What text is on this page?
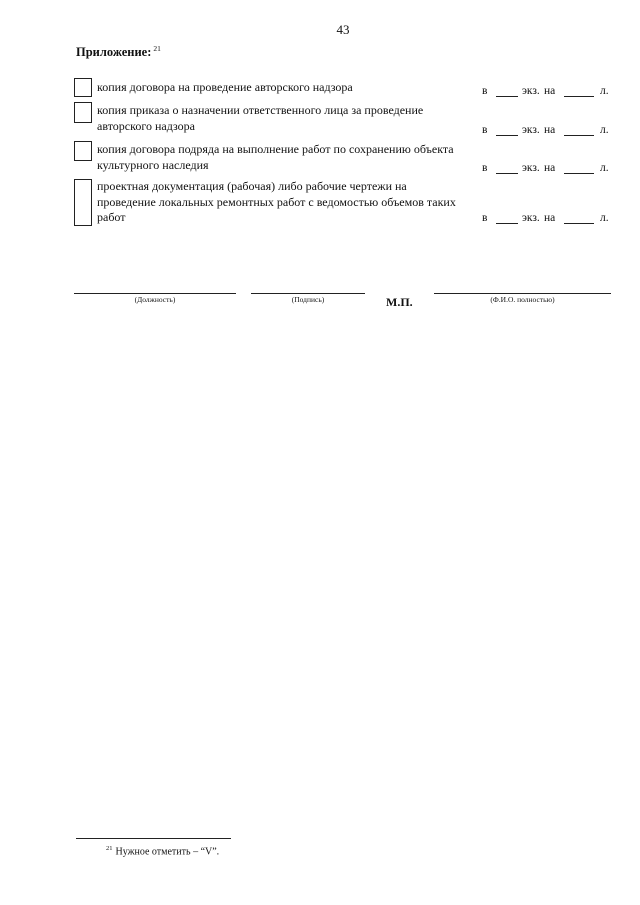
43
Приложение: $^{21}$
копия договора на проведение авторского надзора	в	экз. на	л.
копия приказа о назначении ответственного лица за проведение авторского надзора	в	экз. на	л.
копия договора подряда на выполнение работ по сохранению объекта культурного наследия	в	экз. на	л.
проектная документация (рабочая) либо рабочие чертежи на проведение локальных ремонтных работ с ведомостью объемов таких работ	в	экз. на	л.
(Должность)	(Подпись)	М.П.	(Ф.И.О. полностью)
$^{21}$ Нужное отметить – “V”.
